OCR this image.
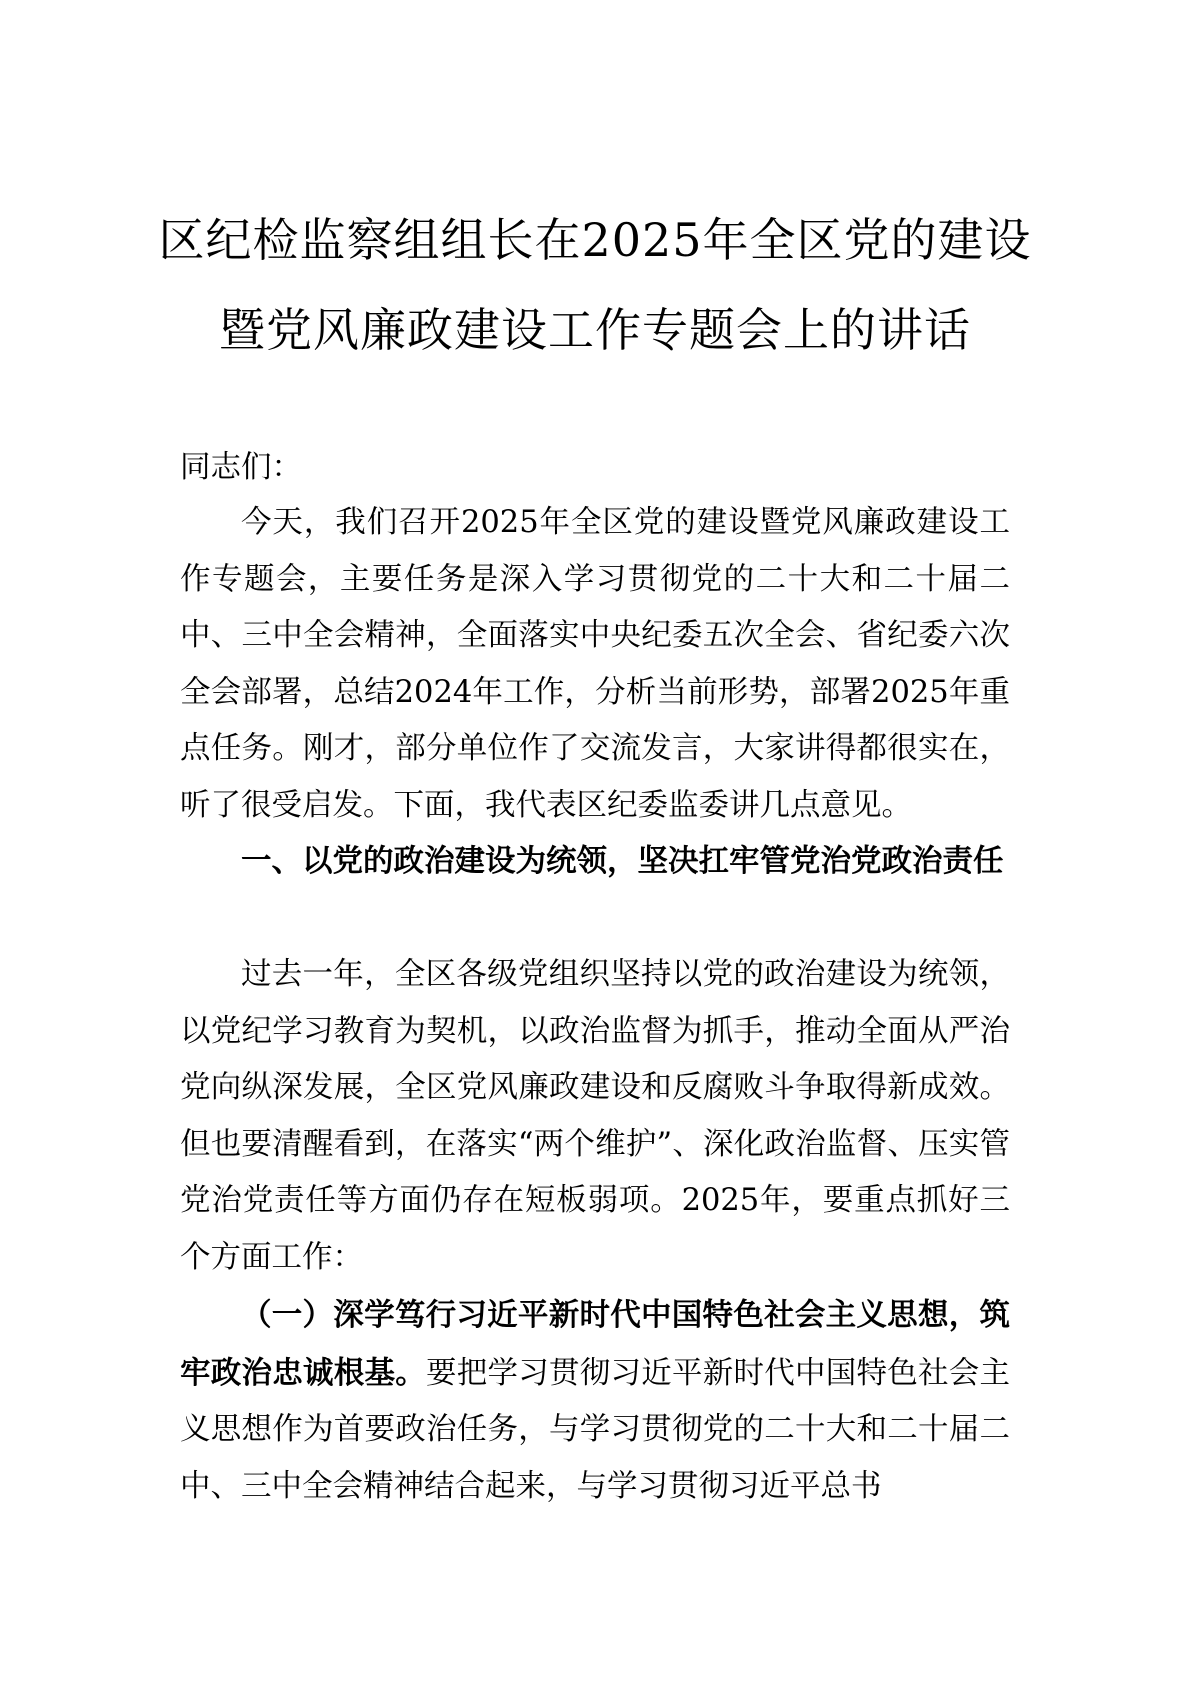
区纪检监察组组长在2025年全区党的建设
暨党风廉政建设工作专题会上的讲话
同志们：

今天，我们召开2025年全区党的建设暨党风廉政建设工作专题会，主要任务是深入学习贯彻党的二十大和二十届二中、三中全会精神，全面落实中央纪委五次全会、省纪委六次全会部署，总结2024年工作，分析当前形势，部署2025年重点任务。刚才，部分单位作了交流发言，大家讲得都很实在，听了很受启发。下面，我代表区纪委监委讲几点意见。

一、以党的政治建设为统领，坚决扛牢管党治党政治责任

过去一年，全区各级党组织坚持以党的政治建设为统领，以党纪学习教育为契机，以政治监督为抓手，推动全面从严治党向纵深发展，全区党风廉政建设和反腐败斗争取得新成效。但也要清醒看到，在落实“两个维护”、深化政治监督、压实管党治党责任等方面仍存在短板弱项。2025年，要重点抓好三个方面工作：

（一）深学笃行习近平新时代中国特色社会主义思想，筑牢政治忠诚根基。要把学习贯彻习近平新时代中国特色社会主义思想作为首要政治任务，与学习贯彻党的二十大和二十届二中、三中全会精神结合起来，与学习贯彻习近平总书
